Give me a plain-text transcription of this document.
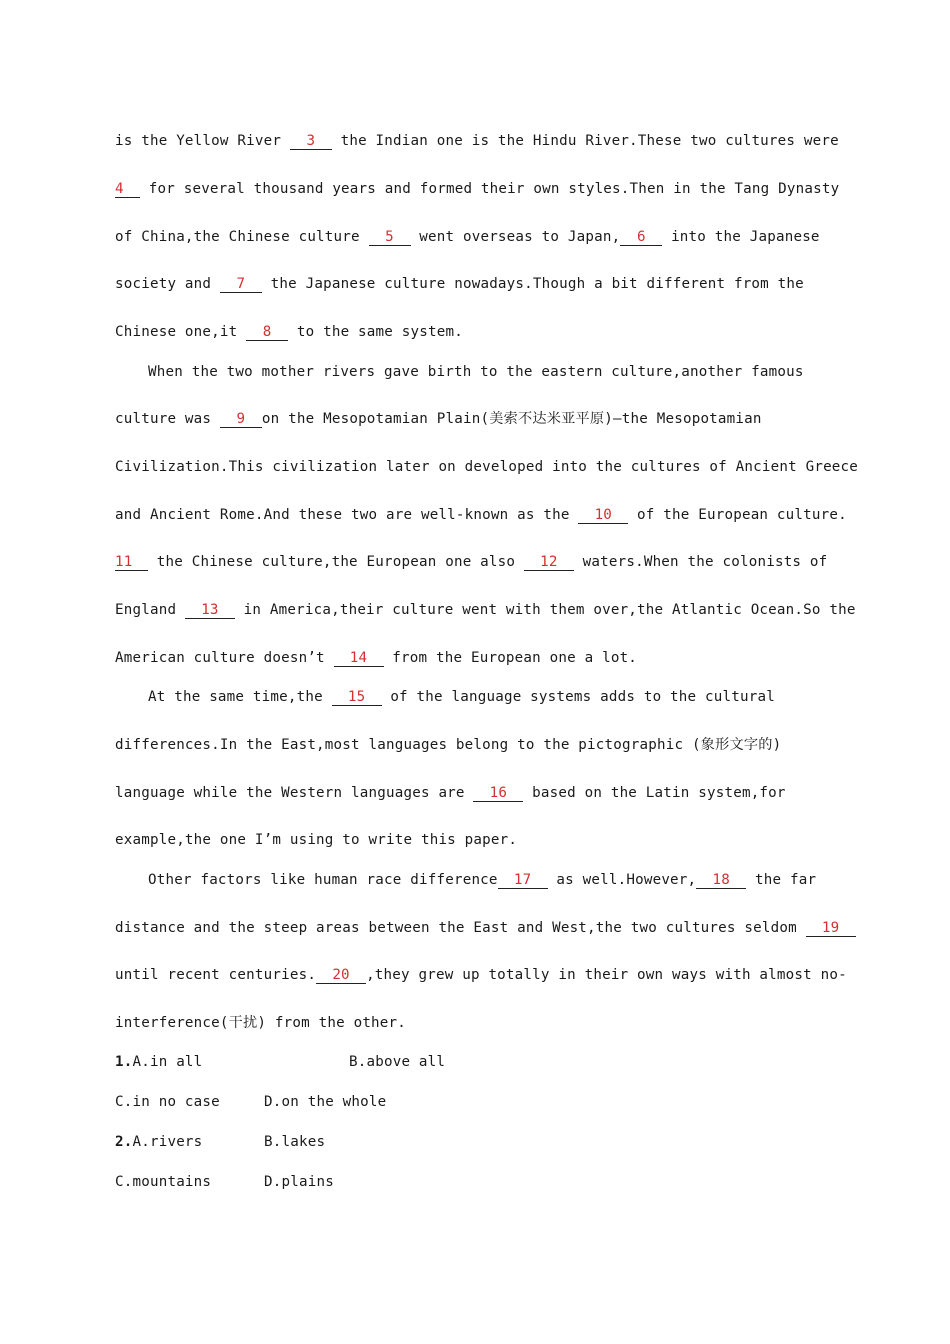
is the Yellow River 3 the Indian one is the Hindu River.These two cultures were
4 for several thousand years and formed their own styles.Then in the Tang Dynasty
of China,the Chinese culture 5 went overseas to Japan, 6 into the Japanese
society and 7 the Japanese culture nowadays.Though a bit different from the
Chinese one,it 8 to the same system.
When the two mother rivers gave birth to the eastern culture,another famous
culture was 9 on the Mesopotamian Plain(美索不达米亚平原)—the Mesopotamian
Civilization.This civilization later on developed into the cultures of Ancient Greece
and Ancient Rome.And these two are well-known as the 10 of the European culture.
11 the Chinese culture,the European one also 12 waters.When the colonists of
England 13 in America,their culture went with them over,the Atlantic Ocean.So the
American culture doesn’t 14 from the European one a lot.
At the same time,the 15 of the language systems adds to the cultural
differences.In the East,most languages belong to the pictographic (象形文字的)
language while the Western languages are 16 based on the Latin system,for
example,the one I’m using to write this paper.
Other factors like human race difference 17 as well.However, 18 the far
distance and the steep areas between the East and West,the two cultures seldom 19
until recent centuries. 20 ,they grew up totally in their own ways with almost no-
interference(干扰) from the other.
1.A.in all	B.above all
C.in no case	D.on the whole
2.A.rivers	B.lakes
C.mountains	D.plains
